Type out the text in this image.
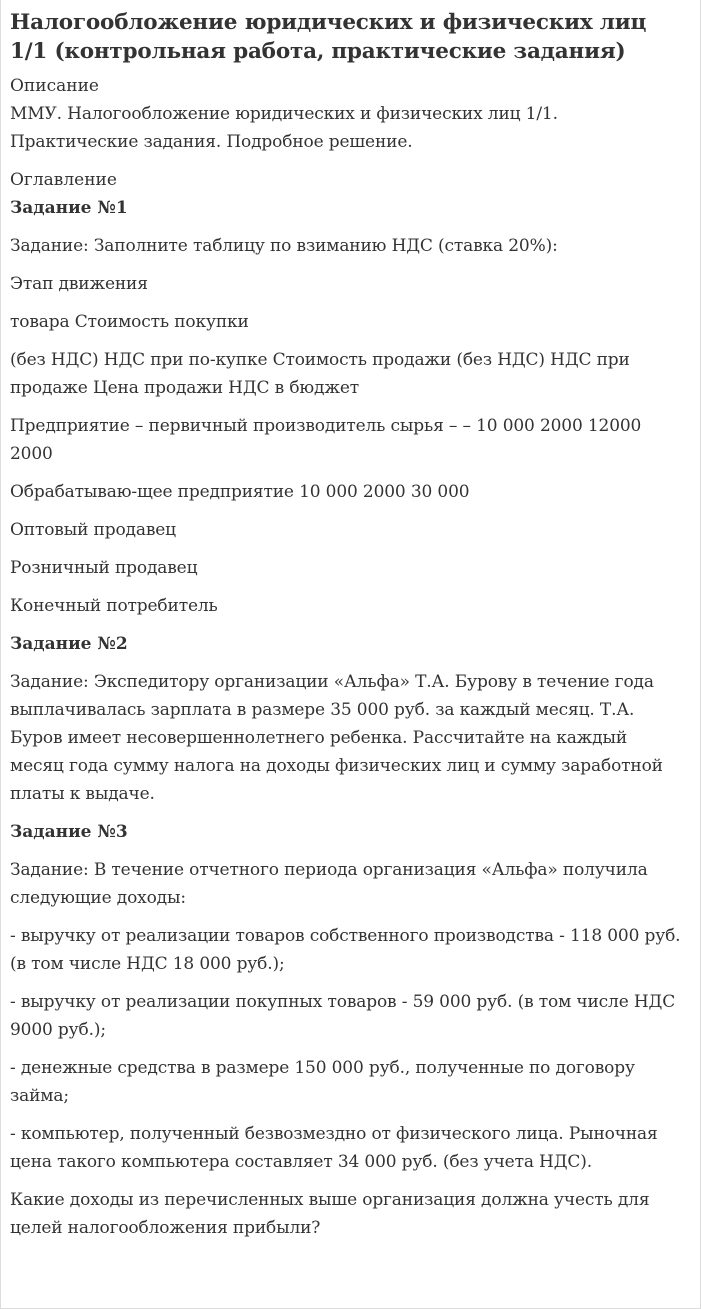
Налогообложение юридических и физических лиц 1/1 (контрольная работа, практические задания)
Описание

ММУ. Налогообложение юридических и физических лиц 1/1. Практические задания. Подробное решение.

Оглавление
Задание №1

Задание: Заполните таблицу по взиманию НДС (ставка 20%):

Этап движения

товара Стоимость покупки

(без НДС) НДС при по-купке Стоимость продажи (без НДС) НДС при продаже Цена продажи НДС в бюджет

Предприятие – первичный производитель сырья – – 10 000 2000 12000 2000

Обрабатываю-щее предприятие 10 000 2000 30 000

Оптовый продавец

Розничный продавец

Конечный потребитель

Задание №2

Задание: Экспедитору организации «Альфа» Т.А. Бурову в течение года выплачивалась зарплата в размере 35 000 руб. за каждый месяц. Т.А. Буров имеет несовершеннолетнего ребенка. Рассчитайте на каждый месяц года сумму налога на доходы физических лиц и сумму заработной платы к выдаче.

Задание №3

Задание: В течение отчетного периода организация «Альфа» получила следующие доходы:

- выручку от реализации товаров собственного производства - 118 000 руб. (в том числе НДС 18 000 руб.);

- выручку от реализации покупных товаров - 59 000 руб. (в том числе НДС 9000 руб.);

- денежные средства в размере 150 000 руб., полученные по договору займа;

- компьютер, полученный безвозмездно от физического лица. Рыночная цена такого компьютера составляет 34 000 руб. (без учета НДС).

Какие доходы из перечисленных выше организация должна учесть для целей налогообложения прибыли?
